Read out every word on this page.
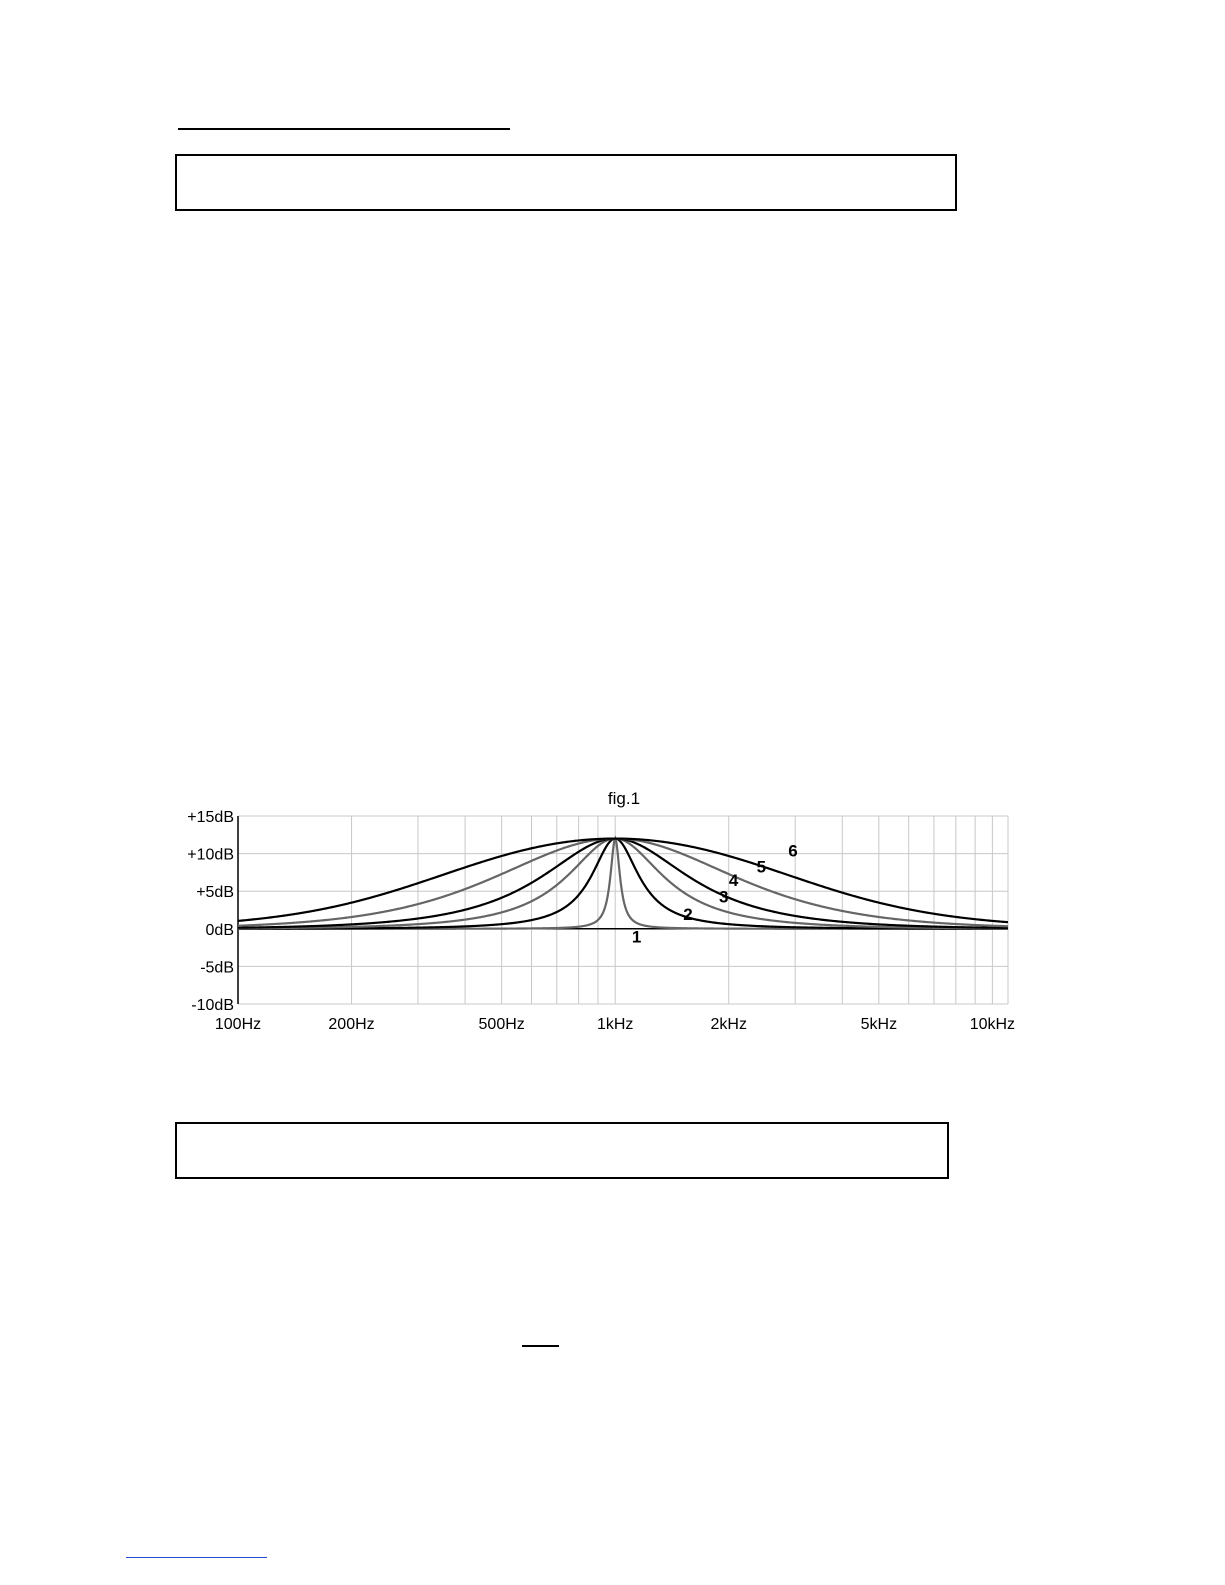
fig.1
+15dB
+10dB
+5dB
0dB
-5dB
-10dB
100Hz	200Hz	500Hz	1kHz	2kHz	5kHz	10kHz
1
2
3
4
5
6
